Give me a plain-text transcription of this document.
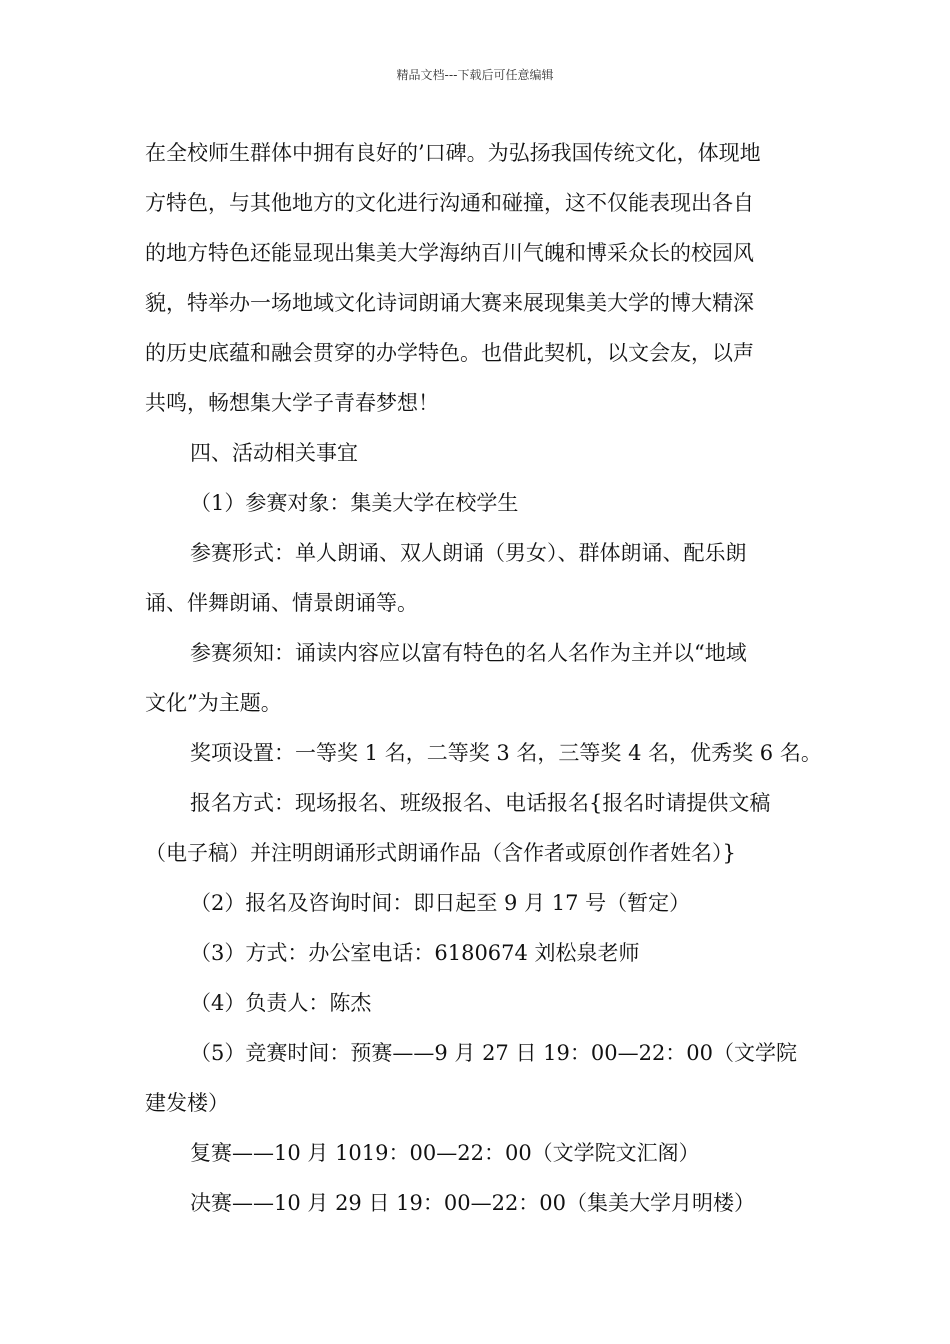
精品文档---下载后可任意编辑
在全校师生群体中拥有良好的’口碑。为弘扬我国传统文化，体现地
方特色，与其他地方的文化进行沟通和碰撞，这不仅能表现出各自
的地方特色还能显现出集美大学海纳百川气魄和博采众长的校园风
貌，特举办一场地域文化诗词朗诵大赛来展现集美大学的博大精深
的历史底蕴和融会贯穿的办学特色。也借此契机，以文会友，以声
共鸣，畅想集大学子青春梦想！
四、活动相关事宜
（1）参赛对象：集美大学在校学生
参赛形式：单人朗诵、双人朗诵（男女）、群体朗诵、配乐朗
诵、伴舞朗诵、情景朗诵等。
参赛须知：诵读内容应以富有特色的名人名作为主并以“地域
文化”为主题。
奖项设置：一等奖 1 名，二等奖 3 名，三等奖 4 名，优秀奖 6 名。
报名方式：现场报名、班级报名、电话报名{报名时请提供文稿
（电子稿）并注明朗诵形式朗诵作品（含作者或原创作者姓名）}
（2）报名及咨询时间：即日起至 9 月 17 号（暂定）
（3）方式：办公室电话：6180674 刘松泉老师
（4）负责人：陈杰
（5）竞赛时间：预赛——9 月 27 日 19：00—22：00（文学院
建发楼）
复赛——10 月 1019：00—22：00（文学院文汇阁）
决赛——10 月 29 日 19：00—22：00（集美大学月明楼）
